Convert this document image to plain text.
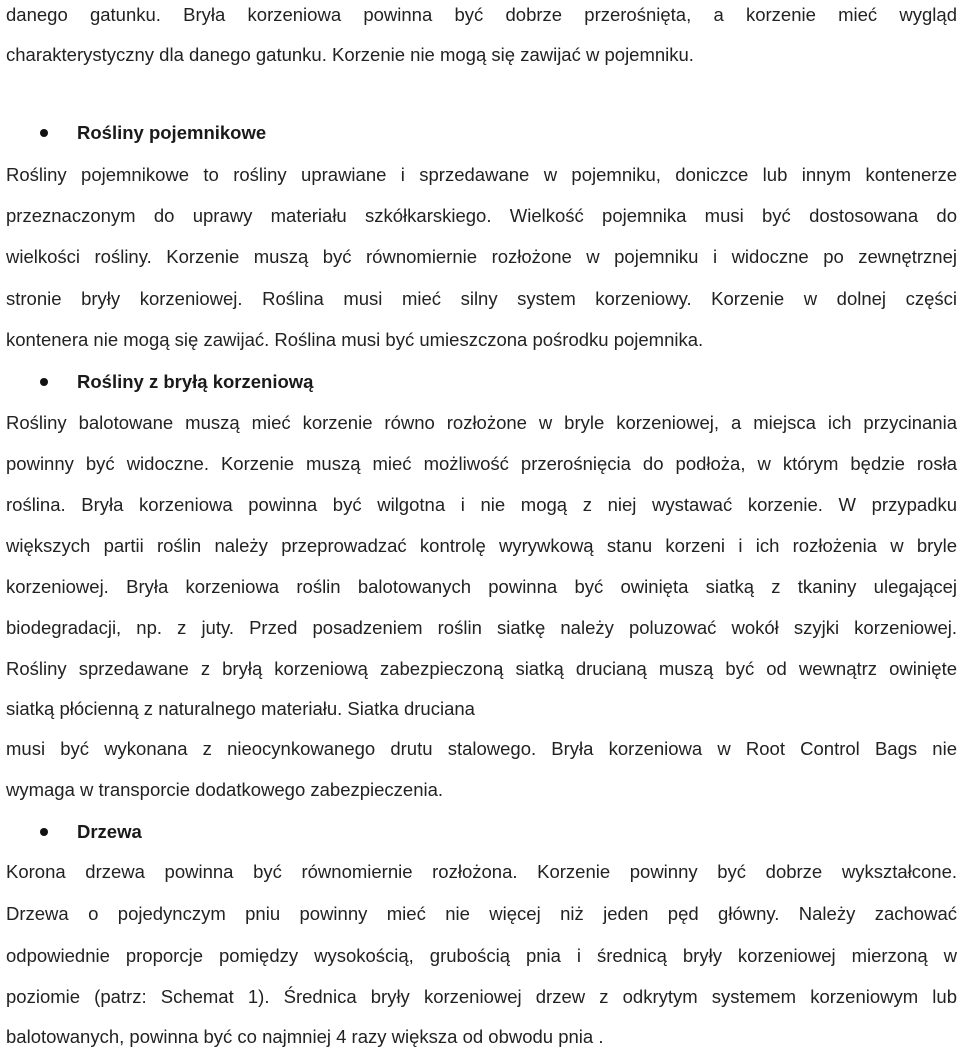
danego gatunku. Bryła korzeniowa powinna być dobrze przerośnięta, a korzenie mieć wygląd
charakterystyczny dla danego gatunku. Korzenie nie mogą się zawijać w pojemniku.
Rośliny pojemnikowe
Rośliny pojemnikowe to rośliny uprawiane i sprzedawane w pojemniku, doniczce lub innym kontenerze
przeznaczonym do uprawy materiału szkółkarskiego. Wielkość pojemnika musi być dostosowana do
wielkości rośliny. Korzenie muszą być równomiernie rozłożone w pojemniku i widoczne po zewnętrznej
stronie bryły korzeniowej. Roślina musi mieć silny system korzeniowy. Korzenie w dolnej części
kontenera nie mogą się zawijać. Roślina musi być umieszczona pośrodku pojemnika.
Rośliny z bryłą korzeniową
Rośliny balotowane muszą mieć korzenie równo rozłożone w bryle korzeniowej, a miejsca ich przycinania
powinny być widoczne. Korzenie muszą mieć możliwość przerośnięcia do podłoża, w którym będzie rosła
roślina. Bryła korzeniowa powinna być wilgotna i nie mogą z niej wystawać korzenie. W przypadku
większych partii roślin należy przeprowadzać kontrolę wyrywkową stanu korzeni i ich rozłożenia w bryle
korzeniowej. Bryła korzeniowa roślin balotowanych powinna być owinięta siatką z tkaniny ulegającej
biodegradacji, np. z juty. Przed posadzeniem roślin siatkę należy poluzować wokół szyjki korzeniowej.
Rośliny sprzedawane z bryłą korzeniową zabezpieczoną siatką drucianą muszą być od wewnątrz owinięte
siatką płócienną z naturalnego materiału. Siatka druciana
musi być wykonana z nieocynkowanego drutu stalowego. Bryła korzeniowa w Root Control Bags nie
wymaga w transporcie dodatkowego zabezpieczenia.
Drzewa
Korona drzewa powinna być równomiernie rozłożona. Korzenie powinny być dobrze wykształcone.
Drzewa o pojedynczym pniu powinny mieć nie więcej niż jeden pęd główny. Należy zachować
odpowiednie proporcje pomiędzy wysokością, grubością pnia i średnicą bryły korzeniowej mierzoną w
poziomie (patrz: Schemat 1). Średnica bryły korzeniowej drzew z odkrytym systemem korzeniowym lub
balotowanych, powinna być co najmniej 4 razy większa od obwodu pnia .
